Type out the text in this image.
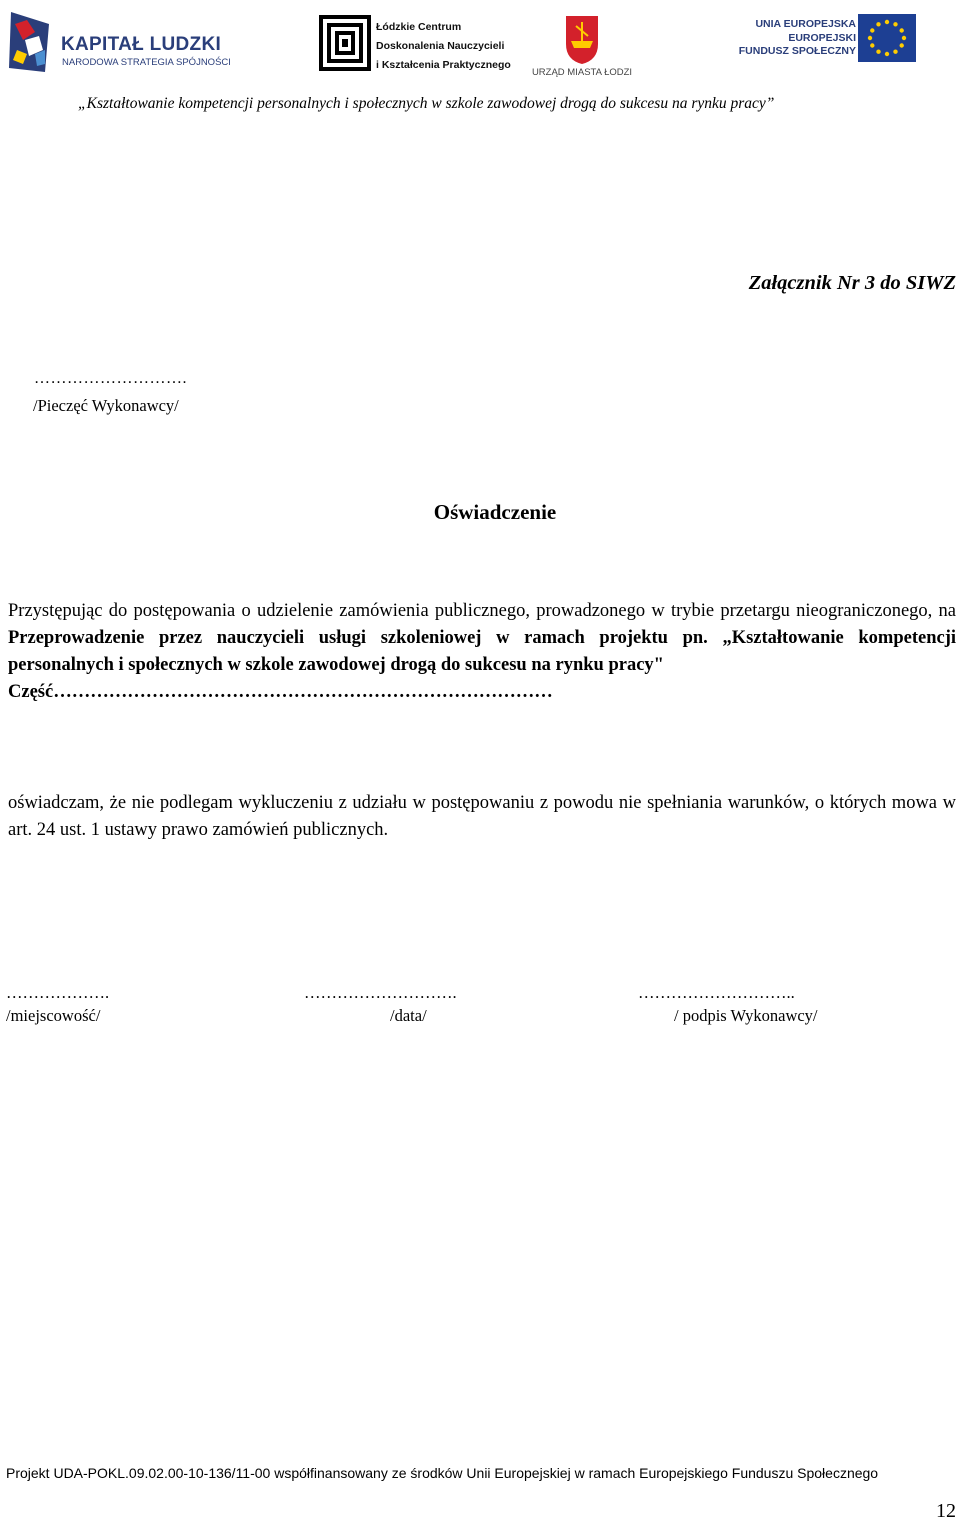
KAPITAŁ LUDZKI
NARODOWA STRATEGIA SPÓJNOŚCI
Łódzkie Centrum
Doskonalenia Nauczycieli
i Kształcenia Praktycznego
URZĄD MIASTA ŁODZI
UNIA EUROPEJSKA
EUROPEJSKI
FUNDUSZ SPOŁECZNY
„Kształtowanie kompetencji personalnych i społecznych w szkole zawodowej drogą do sukcesu na rynku pracy”
Załącznik Nr 3 do SIWZ
……………………….
/Pieczęć Wykonawcy/
Oświadczenie
Przystępując do postępowania o udzielenie zamówienia publicznego, prowadzonego w trybie przetargu nieograniczonego, na Przeprowadzenie przez nauczycieli usługi szkoleniowej w ramach projektu pn. „Kształtowanie kompetencji personalnych i społecznych w szkole zawodowej drogą do sukcesu na rynku pracy"
Część………………………………………………………………………
oświadczam, że nie podlegam wykluczeniu z udziału w postępowaniu z powodu nie spełniania warunków, o których mowa w art. 24 ust. 1 ustawy prawo zamówień publicznych.
……………….
/miejscowość/
……………………….
/data/
………………………..
/ podpis Wykonawcy/
Projekt UDA-POKL.09.02.00-10-136/11-00 współfinansowany ze środków Unii Europejskiej w ramach Europejskiego Funduszu Społecznego
12
